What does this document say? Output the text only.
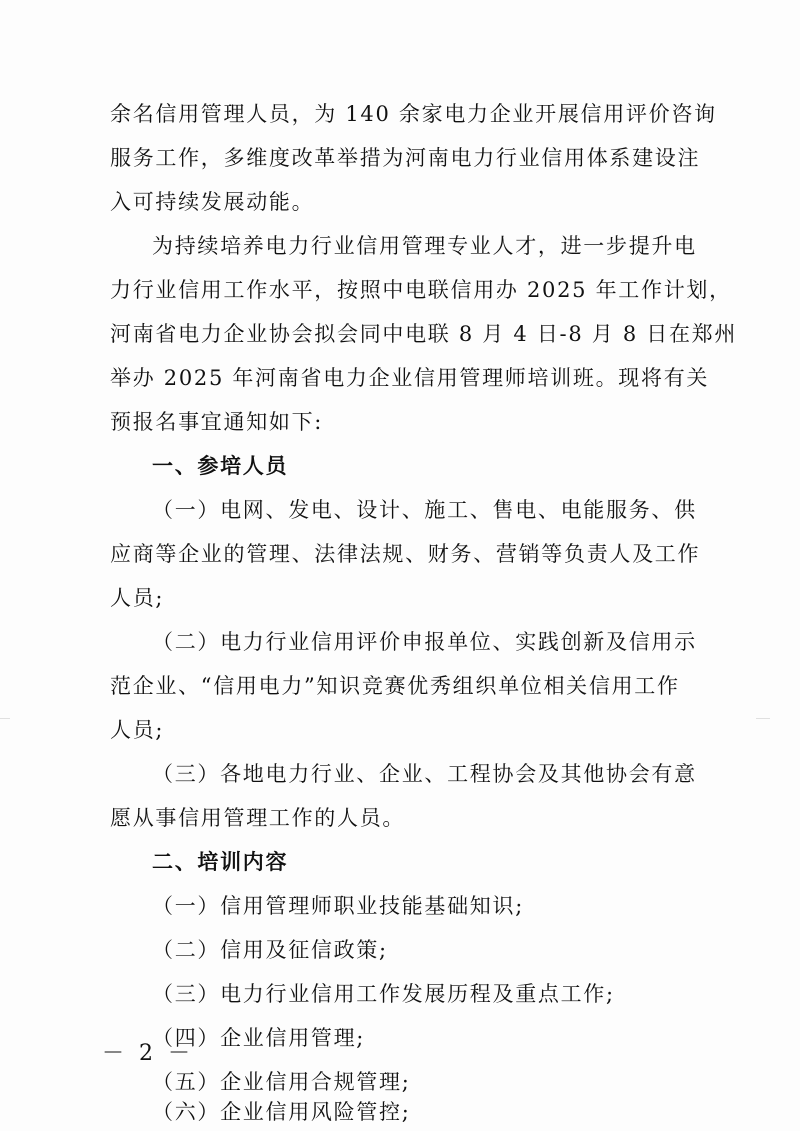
余名信用管理人员，为 140 余家电力企业开展信用评价咨询
服务工作，多维度改革举措为河南电力行业信用体系建设注
入可持续发展动能。
为持续培养电力行业信用管理专业人才，进一步提升电
力行业信用工作水平，按照中电联信用办 2025 年工作计划，
河南省电力企业协会拟会同中电联 8 月 4 日-8 月 8 日在郑州
举办 2025 年河南省电力企业信用管理师培训班。现将有关
预报名事宜通知如下:
一、参培人员
（一）电网、发电、设计、施工、售电、电能服务、供
应商等企业的管理、法律法规、财务、营销等负责人及工作
人员;
（二）电力行业信用评价申报单位、实践创新及信用示
范企业、“信用电力”知识竞赛优秀组织单位相关信用工作
人员;
（三）各地电力行业、企业、工程协会及其他协会有意
愿从事信用管理工作的人员。
二、培训内容
（一）信用管理师职业技能基础知识;
（二）信用及征信政策;
（三）电力行业信用工作发展历程及重点工作;
（四）企业信用管理;
（五）企业信用合规管理;
（六）企业信用风险管控;
－ 2 －
